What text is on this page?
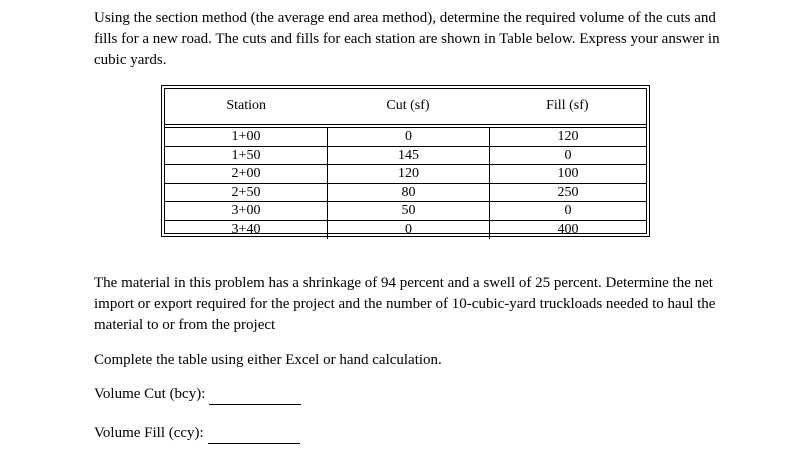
Using the section method (the average end area method), determine the required volume of the cuts and fills for a new road. The cuts and fills for each station are shown in Table below. Express your answer in cubic yards.

Station	Cut (sf)	Fill (sf)
1+00	0	120
1+50	145	0
2+00	120	100
2+50	80	250
3+00	50	0
3+40	0	400

The material in this problem has a shrinkage of 94 percent and a swell of 25 percent. Determine the net import or export required for the project and the number of 10-cubic-yard truckloads needed to haul the material to or from the project

Complete the table using either Excel or hand calculation.

Volume Cut (bcy):
Volume Fill (ccy):
